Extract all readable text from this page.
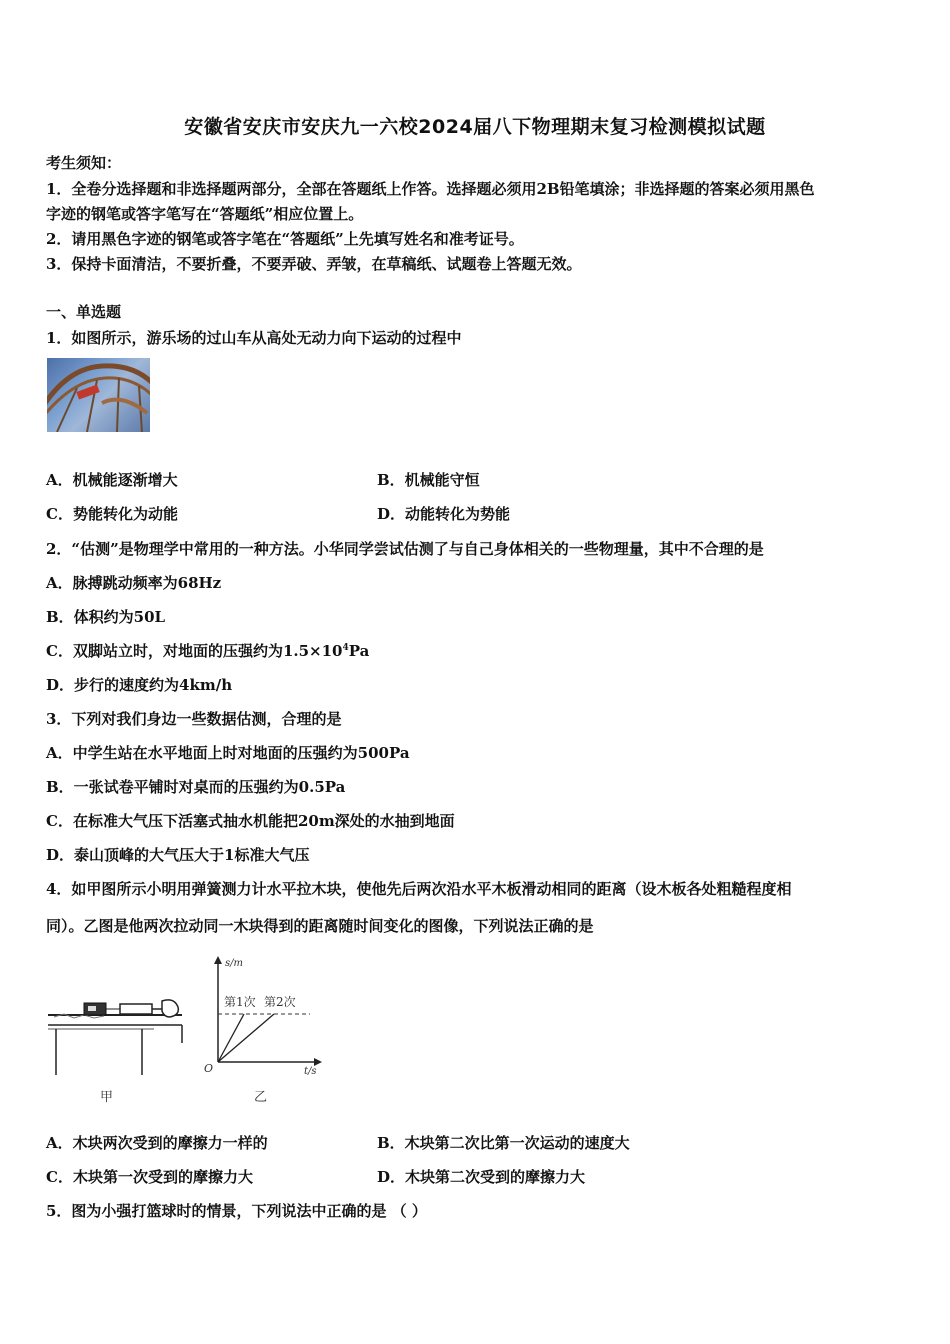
安徽省安庆市安庆九一六校2024届八下物理期末复习检测模拟试题
考生须知：
1．全卷分选择题和非选择题两部分，全部在答题纸上作答。选择题必须用2B铅笔填涂；非选择题的答案必须用黑色
字迹的钢笔或答字笔写在“答题纸”相应位置上。
2．请用黑色字迹的钢笔或答字笔在“答题纸”上先填写姓名和准考证号。
3．保持卡面清洁，不要折叠，不要弄破、弄皱，在草稿纸、试题卷上答题无效。
一、单选题
1．如图所示，游乐场的过山车从高处无动力向下运动的过程中
A．机械能逐渐增大	B．机械能守恒
C．势能转化为动能	D．动能转化为势能
2．“估测”是物理学中常用的一种方法。小华同学尝试估测了与自己身体相关的一些物理量，其中不合理的是
A．脉搏跳动频率为68Hz
B．体积约为50L
C．双脚站立时，对地面的压强约为$1.5\times 10^4Pa$
D．步行的速度约为4km/h
3．下列对我们身边一些数据估测，合理的是
A．中学生站在水平地面上时对地面的压强约为500Pa
B．一张试卷平铺时对桌而的压强约为0.5Pa
C．在标准大气压下活塞式抽水机能把20m深处的水抽到地面
D．泰山顶峰的大气压大于1标准大气压
4．如甲图所示小明用弹簧测力计水平拉木块，使他先后两次沿水平木板滑动相同的距离（设木板各处粗糙程度相
同）。乙图是他两次拉动同一木块得到的距离随时间变化的图像，下列说法正确的是
甲
s/m
t/s
O
第1次 第2次
乙
A．木块两次受到的摩擦力一样的	B．木块第二次比第一次运动的速度大
C．木块第一次受到的摩擦力大	D．木块第二次受到的摩擦力大
5．图为小强打篮球时的情景，下列说法中正确的是 （ ）
